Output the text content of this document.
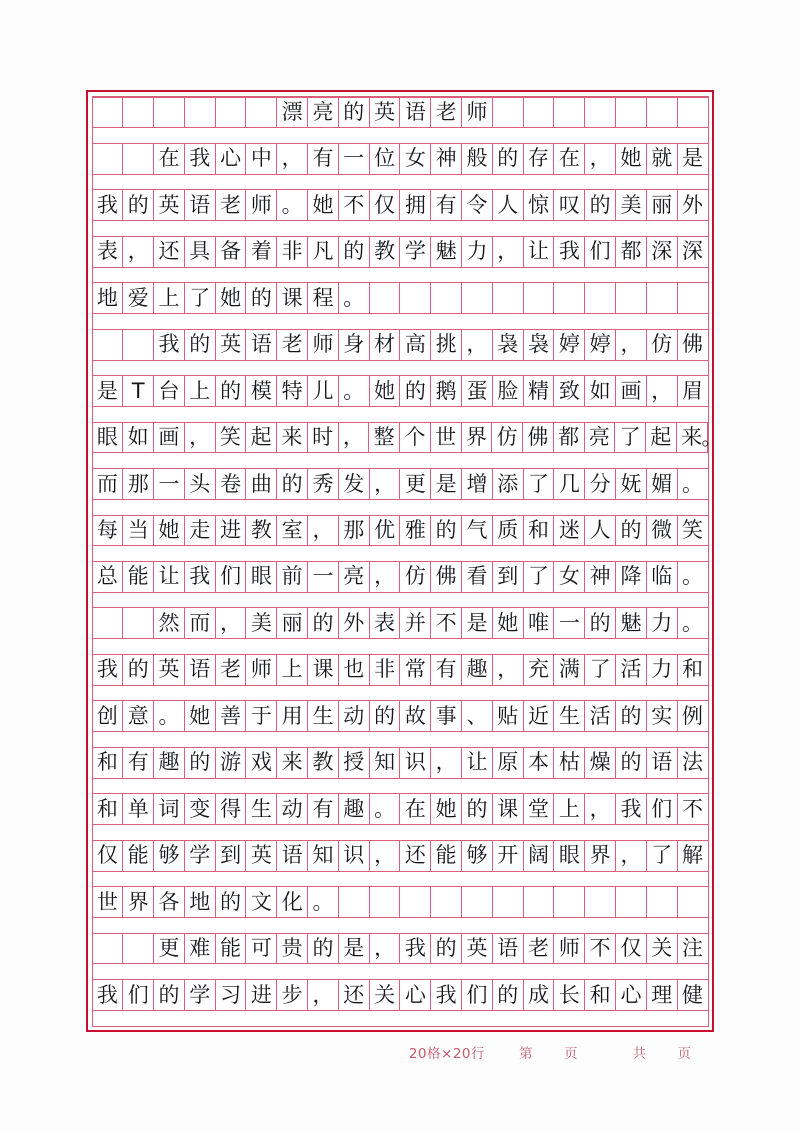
漂 亮 的 英 语 老 师
在 我 心 中 ， 有 一 位 女 神 般 的 存 在 ， 她 就 是
我 的 英 语 老 师 。 她 不 仅 拥 有 令 人 惊 叹 的 美 丽 外
表 ， 还 具 备 着 非 凡 的 教 学 魅 力 ， 让 我 们 都 深 深
地 爱 上 了 她 的 课 程 。
我 的 英 语 老 师 身 材 高 挑 ， 袅 袅 婷 婷 ， 仿 佛
是 T 台 上 的 模 特 儿 。 她 的 鹅 蛋 脸 精 致 如 画 ， 眉
眼 如 画 ， 笑 起 来 时 ， 整 个 世 界 仿 佛 都 亮 了 起 来 。
而 那 一 头 卷 曲 的 秀 发 ， 更 是 增 添 了 几 分 妩 媚 。
每 当 她 走 进 教 室 ， 那 优 雅 的 气 质 和 迷 人 的 微 笑
总 能 让 我 们 眼 前 一 亮 ， 仿 佛 看 到 了 女 神 降 临 。
然 而 ， 美 丽 的 外 表 并 不 是 她 唯 一 的 魅 力 。
我 的 英 语 老 师 上 课 也 非 常 有 趣 ， 充 满 了 活 力 和
创 意 。 她 善 于 用 生 动 的 故 事 、 贴 近 生 活 的 实 例
和 有 趣 的 游 戏 来 教 授 知 识 ， 让 原 本 枯 燥 的 语 法
和 单 词 变 得 生 动 有 趣 。 在 她 的 课 堂 上 ， 我 们 不
仅 能 够 学 到 英 语 知 识 ， 还 能 够 开 阔 眼 界 ， 了 解
世 界 各 地 的 文 化 。
更 难 能 可 贵 的 是 ， 我 的 英 语 老 师 不 仅 关 注
我 们 的 学 习 进 步 ， 还 关 心 我 们 的 成 长 和 心 理 健
20格×20行	第　页	共　页
